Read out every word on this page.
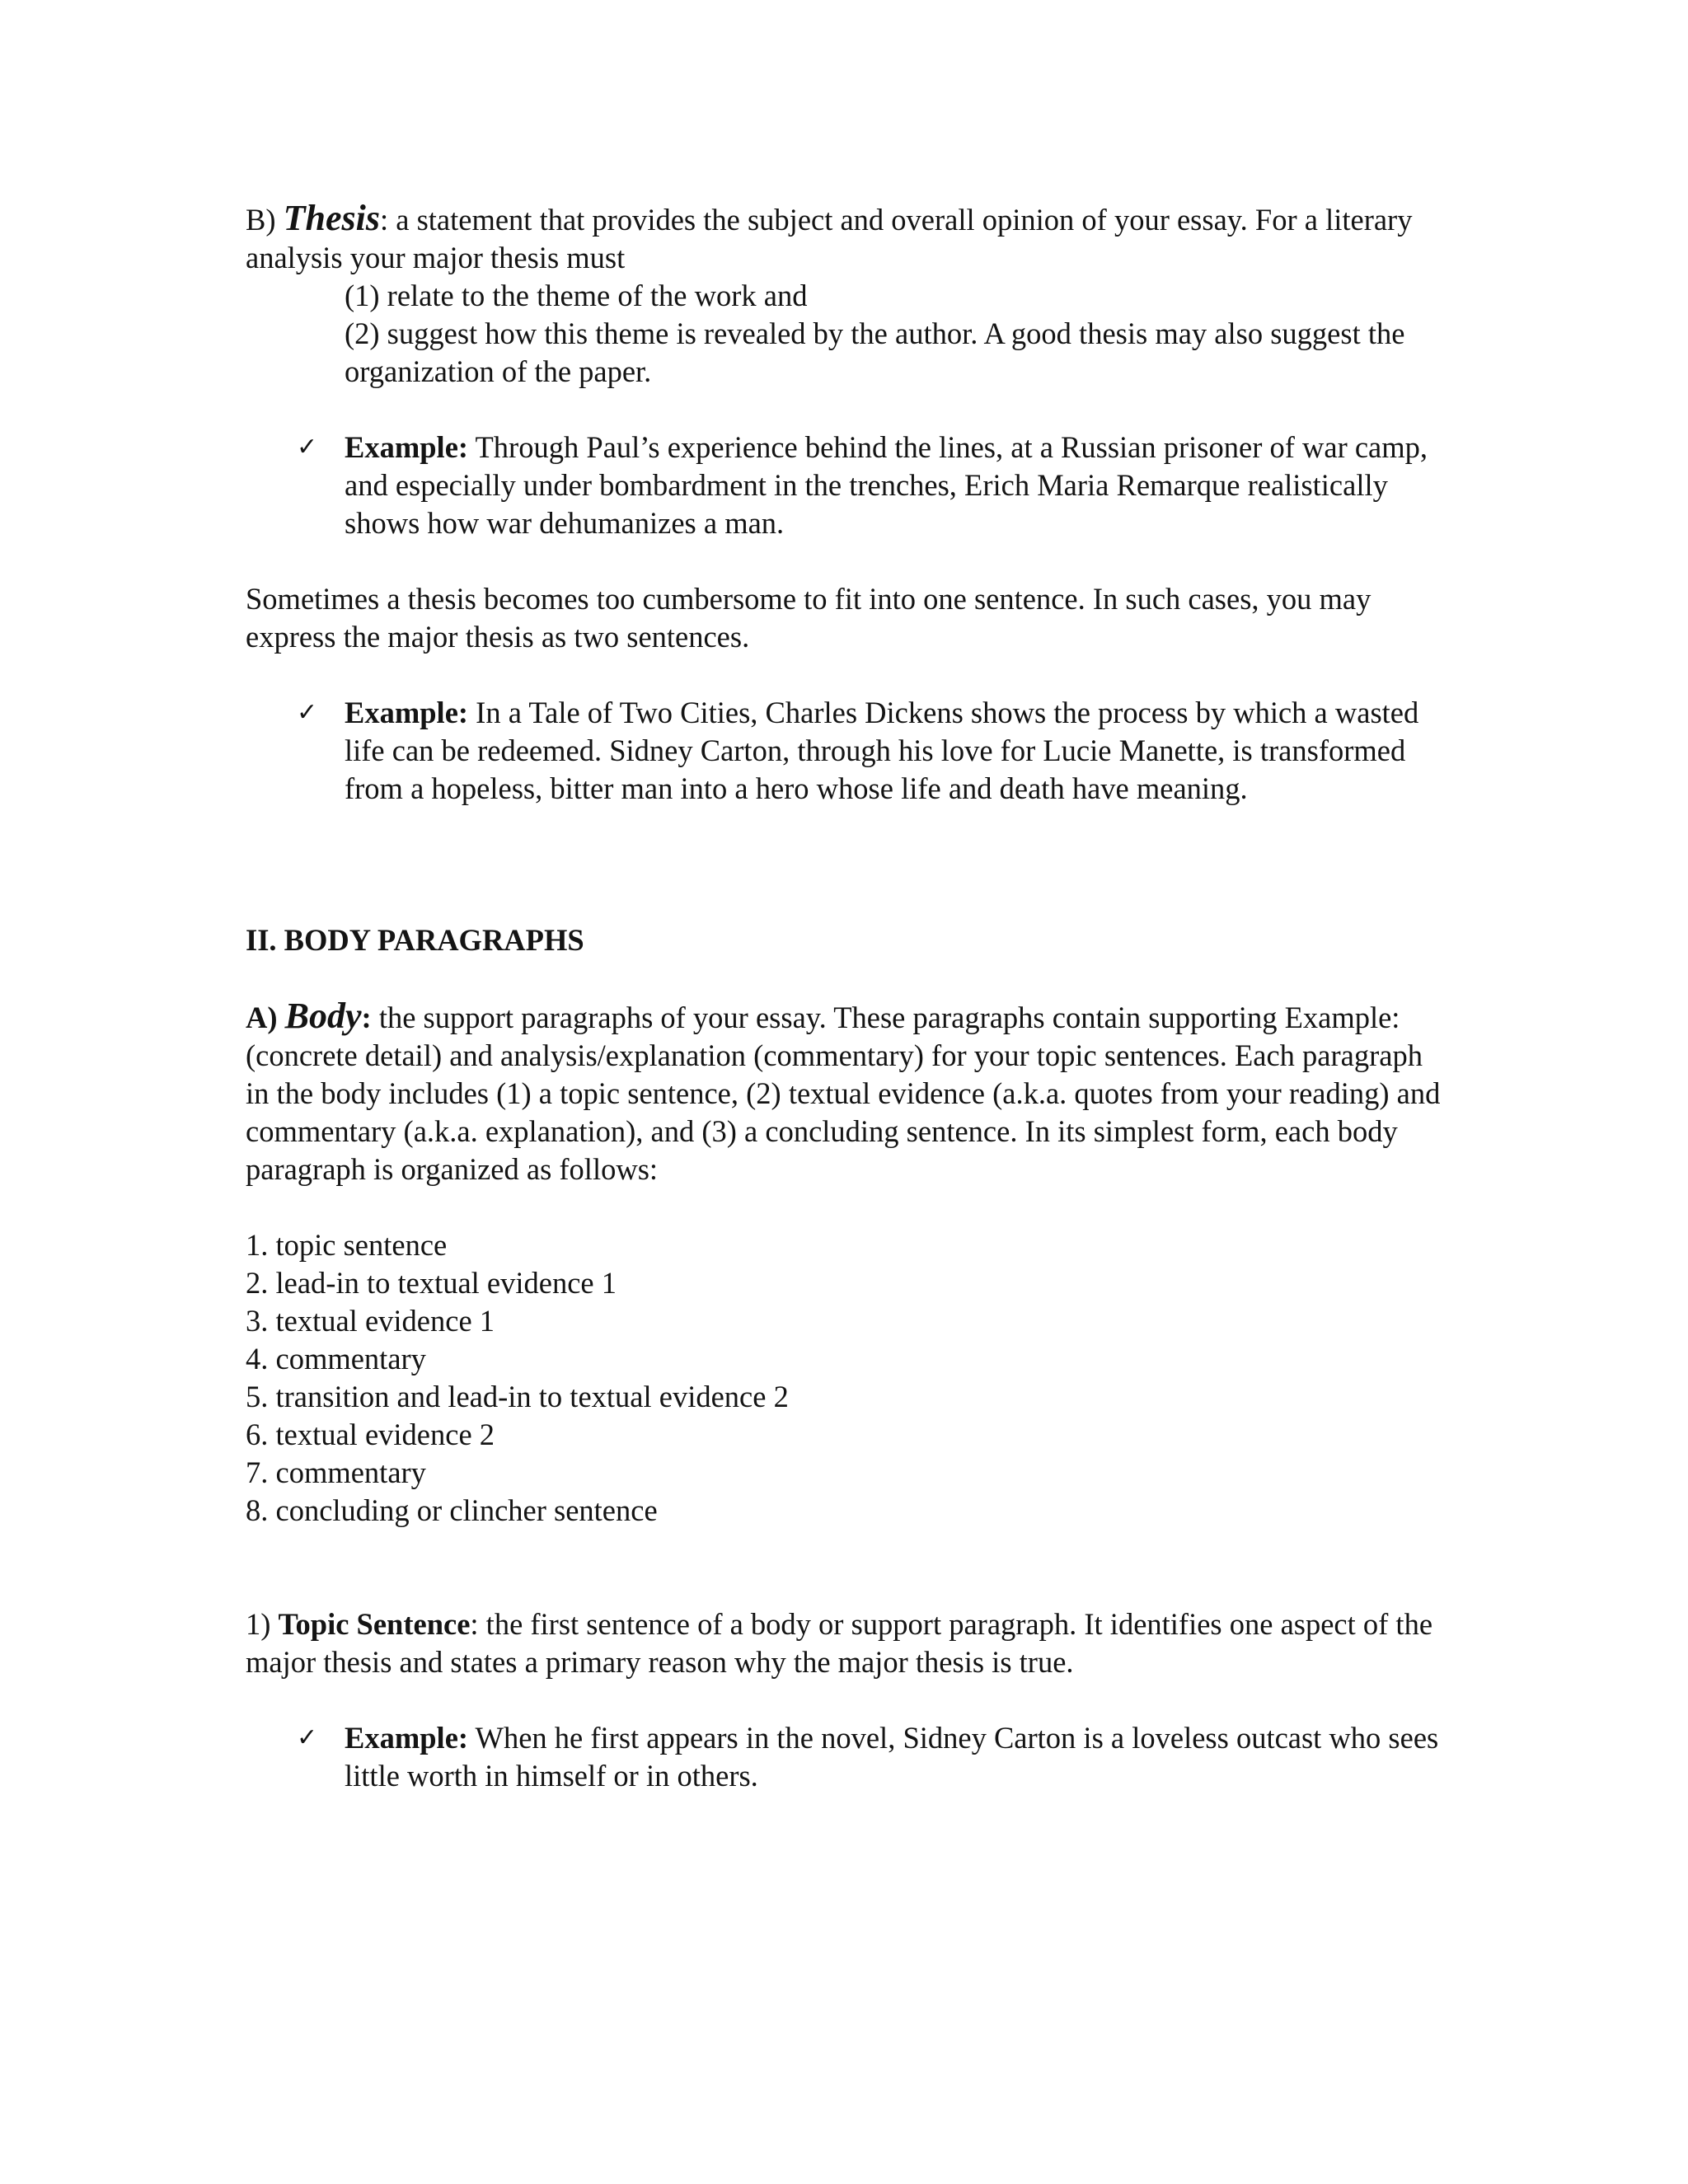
B) Thesis: a statement that provides the subject and overall opinion of your essay. For a literary analysis your major thesis must

(1) relate to the theme of the work and

(2) suggest how this theme is revealed by the author. A good thesis may also suggest the organization of the paper.

✓ Example: Through Paul’s experience behind the lines, at a Russian prisoner of war camp, and especially under bombardment in the trenches, Erich Maria Remarque realistically shows how war dehumanizes a man.

Sometimes a thesis becomes too cumbersome to fit into one sentence. In such cases, you may express the major thesis as two sentences.

✓ Example: In a Tale of Two Cities, Charles Dickens shows the process by which a wasted life can be redeemed. Sidney Carton, through his love for Lucie Manette, is transformed from a hopeless, bitter man into a hero whose life and death have meaning.

II. BODY PARAGRAPHS

A) Body: the support paragraphs of your essay. These paragraphs contain supporting Example: (concrete detail) and analysis/explanation (commentary) for your topic sentences. Each paragraph in the body includes (1) a topic sentence, (2) textual evidence (a.k.a. quotes from your reading) and commentary (a.k.a. explanation), and (3) a concluding sentence. In its simplest form, each body paragraph is organized as follows:

1. topic sentence
2. lead-in to textual evidence 1
3. textual evidence 1
4. commentary
5. transition and lead-in to textual evidence 2
6. textual evidence 2
7. commentary
8. concluding or clincher sentence

1) Topic Sentence: the first sentence of a body or support paragraph. It identifies one aspect of the major thesis and states a primary reason why the major thesis is true.

✓ Example: When he first appears in the novel, Sidney Carton is a loveless outcast who sees little worth in himself or in others.
